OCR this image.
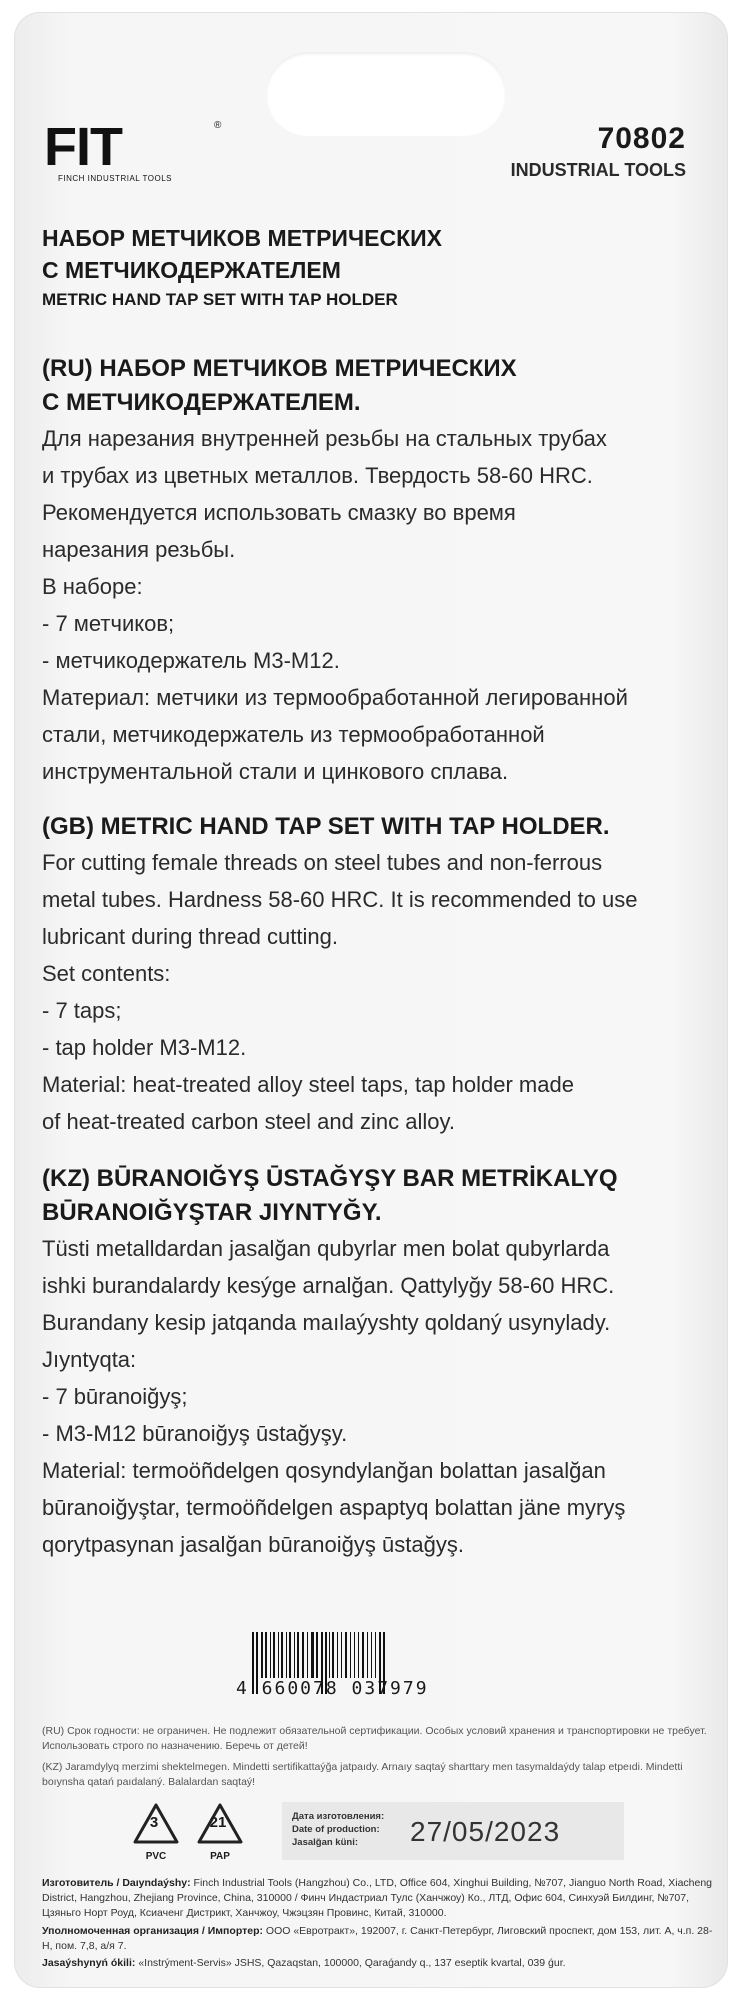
FIT	®
FINCH INDUSTRIAL TOOLS
70802
INDUSTRIAL TOOLS
НАБОР МЕТЧИКОВ МЕТРИЧЕСКИХ
С МЕТЧИКОДЕРЖАТЕЛЕМ
METRIC HAND TAP SET WITH TAP HOLDER
(RU) НАБОР МЕТЧИКОВ МЕТРИЧЕСКИХ
С МЕТЧИКОДЕРЖАТЕЛЕМ.
Для нарезания внутренней резьбы на стальных трубах
и трубах из цветных металлов. Твердость 58-60 HRC.
Рекомендуется использовать смазку во время
нарезания резьбы.
В наборе:
- 7 метчиков;
- метчикодержатель М3-М12.
Материал: метчики из термообработанной легированной
стали, метчикодержатель из термообработанной
инструментальной стали и цинкового сплава.
(GB) METRIC HAND TAP SET WITH TAP HOLDER.
For cutting female threads on steel tubes and non-ferrous
metal tubes. Hardness 58-60 HRC. It is recommended to use
lubricant during thread cutting.
Set contents:
- 7 taps;
- tap holder M3-M12.
Material: heat-treated alloy steel taps, tap holder made
of heat-treated carbon steel and zinc alloy.
(KZ) BŪRANOIĞYŞ ŪSTAĞYŞY BAR METRİKALYQ
BŪRANOIĞYŞTAR JIYNTYĞY.
Tüsti metalldardan jasalğan qubyrlar men bolat qubyrlarda
ishki burandalardy kesýge arnalğan. Qattylyğy 58-60 HRC.
Burandany kesip jatqanda maılaýyshty qoldaný usynylady.
Jıyntyqta:
- 7 būranoiğyş;
- M3-M12 būranoiğyş ūstağyşy.
Material: termoöñdelgen qosyndylanğan bolattan jasalğan
būranoiğyştar, termoöñdelgen aspaptyq bolattan jäne myryş
qorytpasynan jasalğan būranoiğyş ūstağyş.
4 660078 037979
(RU) Срок годности: не ограничен. Не подлежит обязательной сертификации. Особых условий хранения и транспортировки не требует. Использовать строго по назначению. Беречь от детей!
(KZ) Jaramdylyq merzimi shektelmegen. Mindetti sertifikattaýğa jatpaıdy. Arnaıy saqtaý sharttary men tasymaldaýdy talap etpeıdi. Mindetti boıynsha qatań paıdalaný. Balalardan saqtaý!
3
PVC
21
PAP
Дата изготовления:
Date of production:
Jasalğan küni:	27/05/2023
Изготовитель / Daıyndaýshy: Finch Industrial Tools (Hangzhou) Co., LTD, Office 604, Xinghui Building, №707, Jianguo North Road, Xiacheng District, Hangzhou, Zhejiang Province, China, 310000 / Финч Индастриал Тулс (Ханчжоу) Ко., ЛТД, Офис 604, Синхуэй Билдинг, №707, Цзяньго Норт Роуд, Ксиаченг Дистрикт, Ханчжоу, Чжэцзян Провинс, Китай, 310000.
Уполномоченная организация / Импортер: ООО «Евротракт», 192007, г. Санкт-Петербург, Лиговский проспект, дом 153, лит. А, ч.п. 28-Н, пом. 7,8, а/я 7.
Jasaýshynyń ókili: «Instrýment-Servis» JSHS, Qazaqstan, 100000, Qaraǵandy q., 137 eseptik kvartal, 039 ǵur.
